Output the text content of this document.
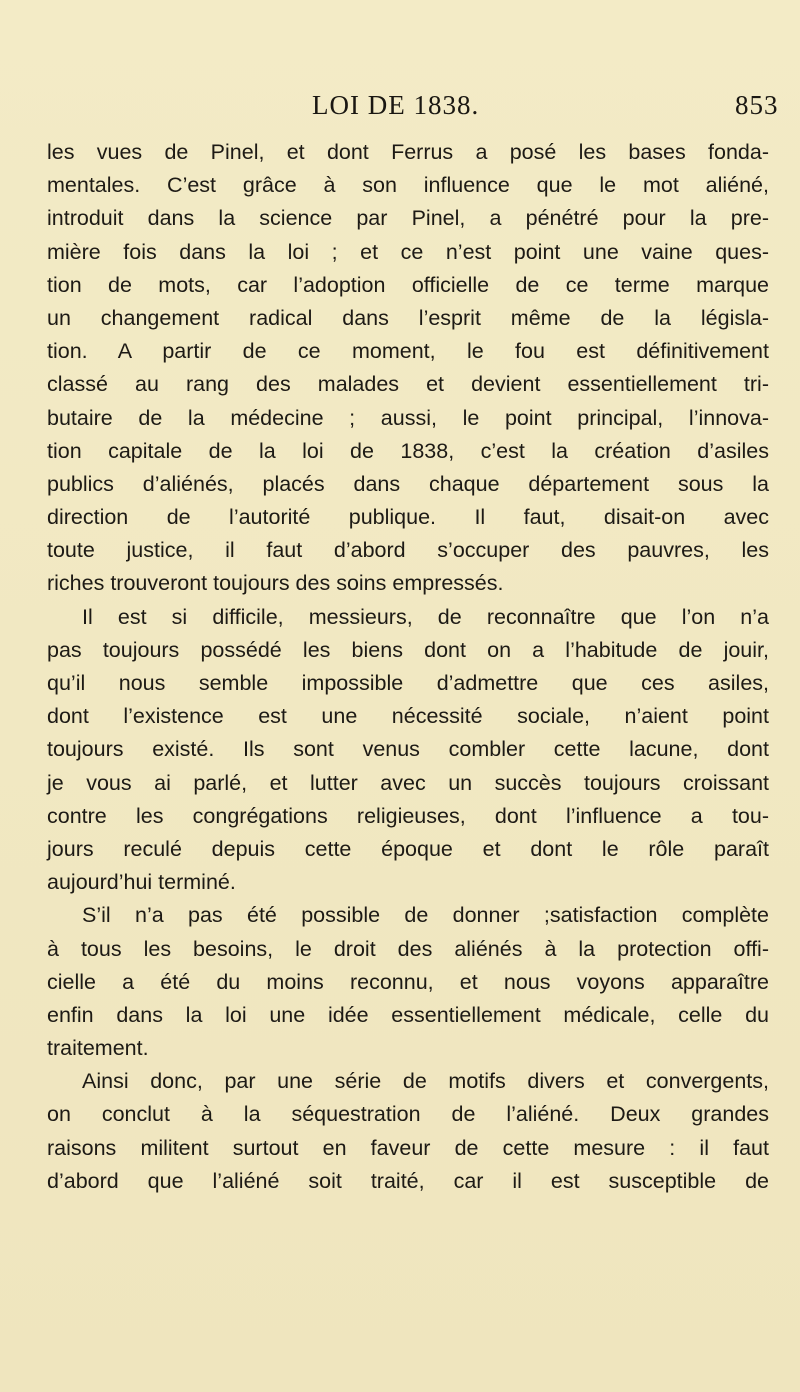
LOI DE 1838.	853
les vues de Pinel, et dont Ferrus a posé les bases fonda-
mentales. C’est grâce à son influence que le mot aliéné,
introduit dans la science par Pinel, a pénétré pour la pre-
mière fois dans la loi ; et ce n’est point une vaine ques-
tion de mots, car l’adoption officielle de ce terme marque
un changement radical dans l’esprit même de la législa-
tion. A partir de ce moment, le fou est définitivement
classé au rang des malades et devient essentiellement tri-
butaire de la médecine ; aussi, le point principal, l’innova-
tion capitale de la loi de 1838, c’est la création d’asiles
publics d’aliénés, placés dans chaque département sous la
direction de l’autorité publique. Il faut, disait-on avec
toute justice, il faut d’abord s’occuper des pauvres, les
riches trouveront toujours des soins empressés.
Il est si difficile, messieurs, de reconnaître que l’on n’a
pas toujours possédé les biens dont on a l’habitude de jouir,
qu’il nous semble impossible d’admettre que ces asiles,
dont l’existence est une nécessité sociale, n’aient point
toujours existé. Ils sont venus combler cette lacune, dont
je vous ai parlé, et lutter avec un succès toujours croissant
contre les congrégations religieuses, dont l’influence a tou-
jours reculé depuis cette époque et dont le rôle paraît
aujourd’hui terminé.
S’il n’a pas été possible de donner ;satisfaction complète
à tous les besoins, le droit des aliénés à la protection offi-
cielle a été du moins reconnu, et nous voyons apparaître
enfin dans la loi une idée essentiellement médicale, celle du
traitement.
Ainsi donc, par une série de motifs divers et convergents,
on conclut à la séquestration de l’aliéné. Deux grandes
raisons militent surtout en faveur de cette mesure : il faut
d’abord que l’aliéné soit traité, car il est susceptible de
